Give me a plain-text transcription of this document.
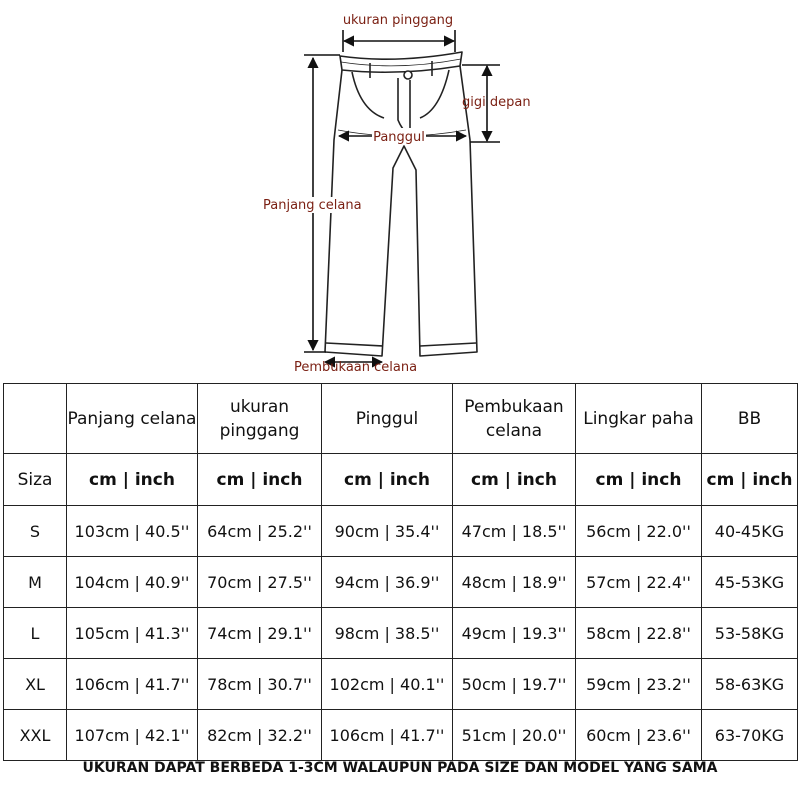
ukuran pinggang
gigi depan
Panggul
Panjang celana
Pembukaan celana
	Panjang celana	ukuran pinggang	Pinggul	Pembukaan celana	Lingkar paha	BB
Siza	cm | inch	cm | inch	cm | inch	cm | inch	cm | inch	cm | inch
S	103cm | 40.5''	64cm | 25.2''	90cm | 35.4''	47cm | 18.5''	56cm | 22.0''	40-45KG
M	104cm | 40.9''	70cm | 27.5''	94cm | 36.9''	48cm | 18.9''	57cm | 22.4''	45-53KG
L	105cm | 41.3''	74cm | 29.1''	98cm | 38.5''	49cm | 19.3''	58cm | 22.8''	53-58KG
XL	106cm | 41.7''	78cm | 30.7''	102cm | 40.1''	50cm | 19.7''	59cm | 23.2''	58-63KG
XXL	107cm | 42.1''	82cm | 32.2''	106cm | 41.7''	51cm | 20.0''	60cm | 23.6''	63-70KG
UKURAN DAPAT BERBEDA 1-3CM WALAUPUN PADA SIZE DAN MODEL YANG SAMA
